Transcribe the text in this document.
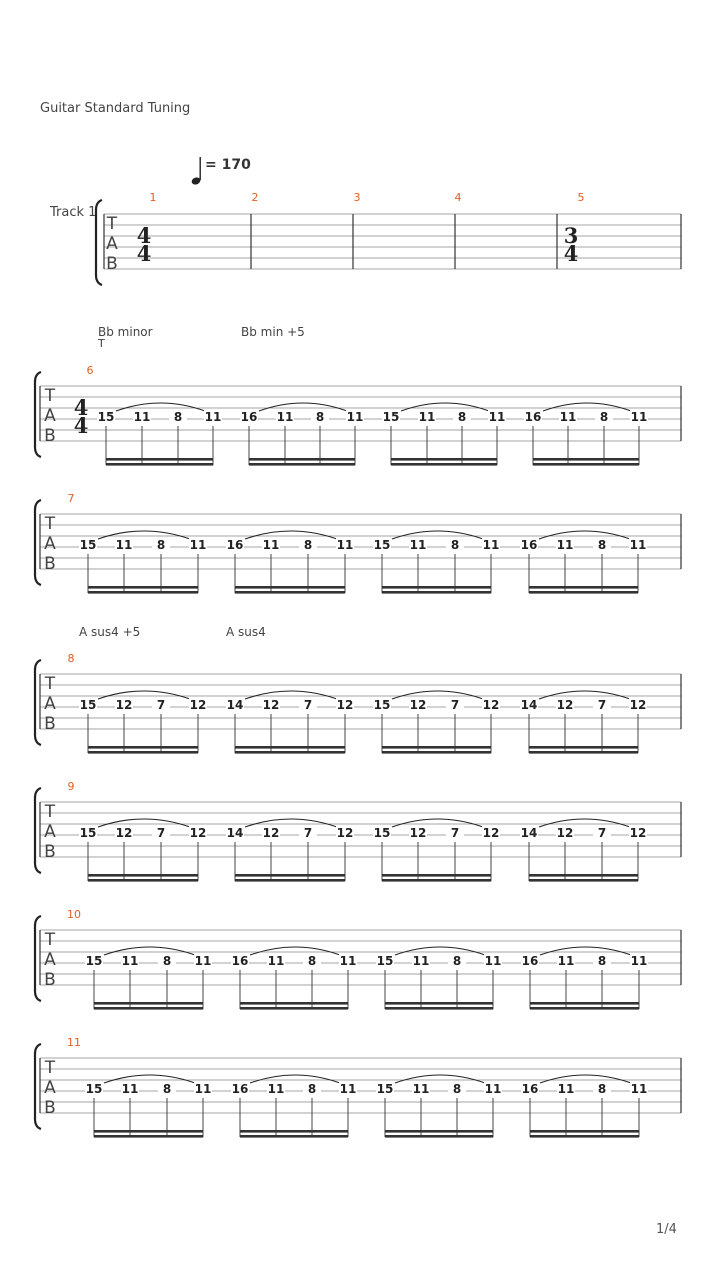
Guitar Standard Tuning
T
A
B
4
4
3
4
1	2	3	4	5
T
A
B
4
4
6
15 11 8 11 16 11 8 11 15 11 8 11 16 11 8 11
T
A
B
7
15 11 8 11 16 11 8 11 15 11 8 11 16 11 8 11
T
A
B
8
15 12 7 12 14 12 7 12 15 12 7 12 14 12 7 12
T
A
B
9
15 12 7 12 14 12 7 12 15 12 7 12 14 12 7 12
T
A
B
10
15 11 8 11 16 11 8 11 15 11 8 11 16 11 8 11
T
A
B
11
15 11 8 11 16 11 8 11 15 11 8 11 16 11 8 11
= 170
Track 1
Bb minor
T
Bb min +5
A sus4 +5	A sus4
1/4
